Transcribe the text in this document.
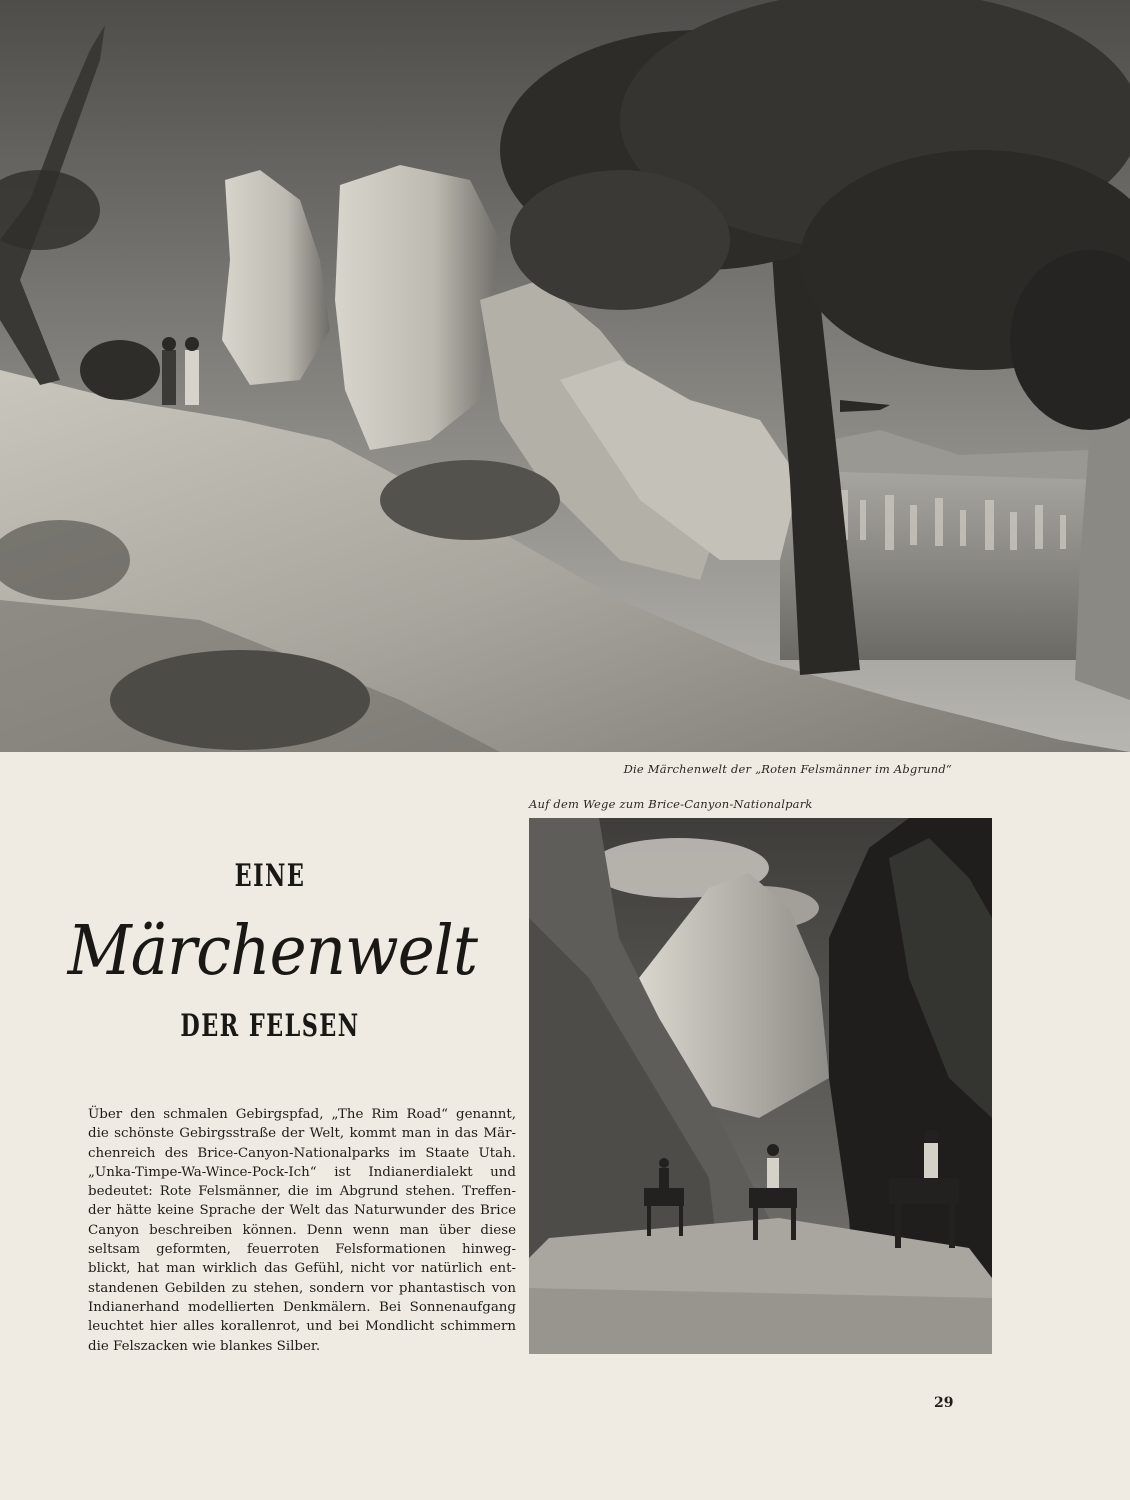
Die Märchenwelt der „Roten Felsmänner im Abgrund“
EINE
Märchenwelt
DER FELSEN
Auf dem Wege zum Brice-Canyon-Nationalpark
Über den schmalen Gebirgspfad, „The Rim Road“ genannt,
die schönste Gebirgsstraße der Welt, kommt man in das Mär-
chenreich des Brice-Canyon-Nationalparks im Staate Utah.
„Unka-Timpe-Wa-Wince-Pock-Ich“ ist Indianerdialekt und
bedeutet: Rote Felsmänner, die im Abgrund stehen. Treffen-
der hätte keine Sprache der Welt das Naturwunder des Brice
Canyon beschreiben können. Denn wenn man über diese
seltsam geformten, feuerroten Felsformationen hinweg-
blickt, hat man wirklich das Gefühl, nicht vor natürlich ent-
standenen Gebilden zu stehen, sondern vor phantastisch von
Indianerhand modellierten Denkmälern. Bei Sonnenaufgang
leuchtet hier alles korallenrot, und bei Mondlicht schimmern
die Felszacken wie blankes Silber.
29
